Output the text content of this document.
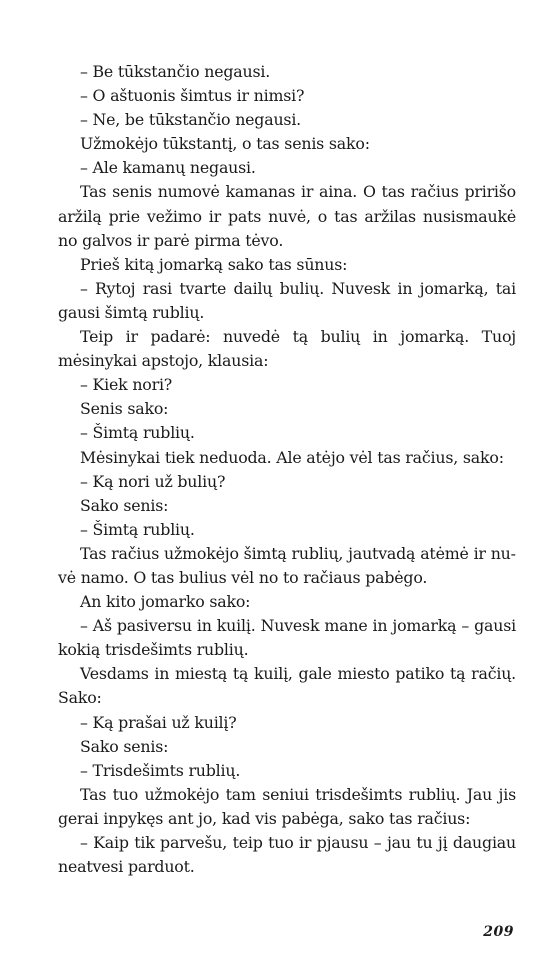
– Be tūkstančio negausi.

– O aštuonis šimtus ir nimsi?

– Ne, be tūkstančio negausi.

Užmokėjo tūkstantį, o tas senis sako:

– Ale kamanų negausi.

Tas senis numovė kamanas ir aina. O tas račius pririšo aržilą prie vežimo ir pats nuvė, o tas aržilas nusismaukė no galvos ir parė pirma tėvo.

Prieš kitą jomarką sako tas sūnus:

– Rytoj rasi tvarte dailų bulių. Nuvesk in jomarką, tai gausi šimtą rublių.

Teip ir padarė: nuvedė tą bulių in jomarką. Tuoj mėsinykai apstojo, klausia:

– Kiek nori?

Senis sako:

– Šimtą rublių.

Mėsinykai tiek neduoda. Ale atėjo vėl tas račius, sako:

– Ką nori už bulių?

Sako senis:

– Šimtą rublių.

Tas račius užmokėjo šimtą rublių, jautvadą atėmė ir nuvė namo. O tas bulius vėl no to račiaus pabėgo.

An kito jomarko sako:

– Aš pasiversu in kuilį. Nuvesk mane in jomarką – gausi kokią trisdešimts rublių.

Vesdams in miestą tą kuilį, gale miesto patiko tą račių. Sako:

– Ką prašai už kuilį?

Sako senis:

– Trisdešimts rublių.

Tas tuo užmokėjo tam seniui trisdešimts rublių. Jau jis gerai inpykęs ant jo, kad vis pabėga, sako tas račius:

– Kaip tik parvešu, teip tuo ir pjausu – jau tu jį daugiau neatvesi parduot.

209
